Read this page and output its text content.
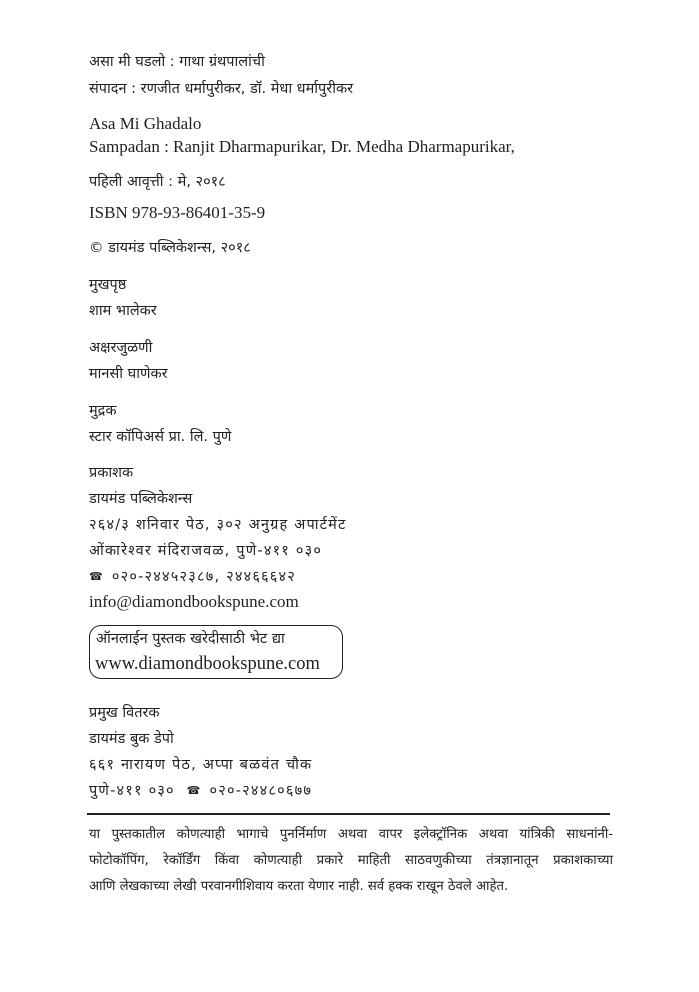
असा मी घडलो : गाथा ग्रंथपालांची
संपादन : रणजीत धर्मापुरीकर, डॉ. मेधा धर्मापुरीकर
Asa Mi Ghadalo
Sampadan : Ranjit Dharmapurikar, Dr. Medha Dharmapurikar,
पहिली आवृत्ती : मे, २०१८
ISBN 978-93-86401-35-9
© डायमंड पब्लिकेशन्स, २०१८
मुखपृष्ठ
शाम भालेकर
अक्षरजुळणी
मानसी घाणेकर
मुद्रक
स्टार कॉपिअर्स प्रा. लि. पुणे
प्रकाशक
डायमंड पब्लिकेशन्स
२६४/३ शनिवार पेठ, ३०२ अनुग्रह अपार्टमेंट
ओंकारेश्वर मंदिराजवळ, पुणे-४११ ०३०
☎ ०२०-२४४५२३८७, २४४६६६४२
info@diamondbookspune.com
ऑनलाईन पुस्तक खरेदीसाठी भेट द्या
www.diamondbookspune.com
प्रमुख वितरक
डायमंड बुक डेपो
६६१ नारायण पेठ, अप्पा बळवंत चौक
पुणे-४११ ०३० ☎ ०२०-२४४८०६७७
या पुस्तकातील कोणत्याही भागाचे पुनर्निर्माण अथवा वापर इलेक्ट्रॉनिक अथवा यांत्रिकी साधनांनी-
फोटोकॉपिंग, रेकॉर्डिंग किंवा कोणत्याही प्रकारे माहिती साठवणुकीच्या तंत्रज्ञानातून प्रकाशकाच्या
आणि लेखकाच्या लेखी परवानगीशिवाय करता येणार नाही. सर्व हक्क राखून ठेवले आहेत.
